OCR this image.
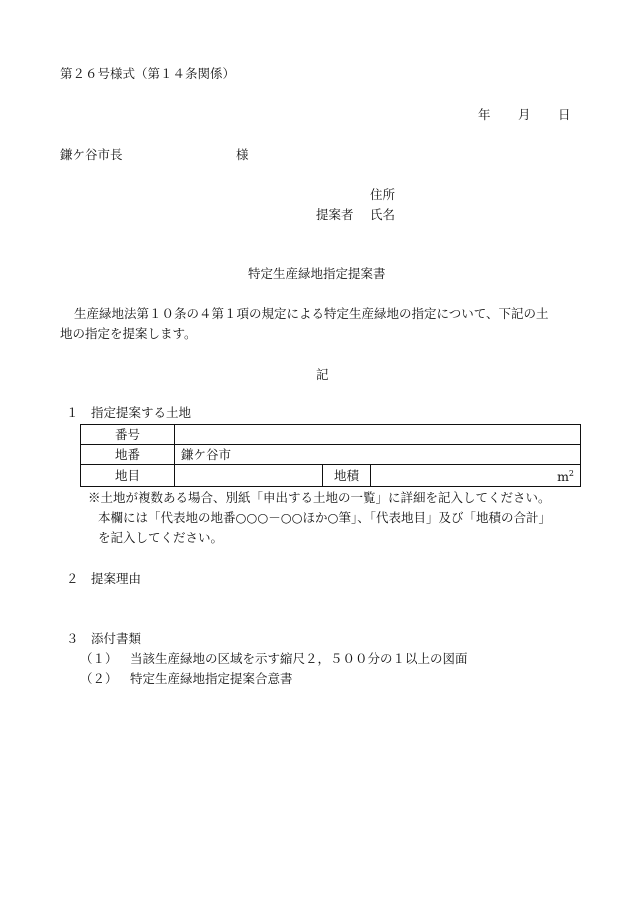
第２６号様式（第１４条関係）
年 月 日
鎌ケ谷市長	様
住所
提案者 氏名
特定生産緑地指定提案書
生産緑地法第１０条の４第１項の規定による特定生産緑地の指定について、下記の土
地の指定を提案します。
記
１　指定提案する土地
番号			
地番	鎌ケ谷市		
地目		地積	$m^2$
※土地が複数ある場合、別紙「申出する土地の一覧」に詳細を記入してください。
本欄には「代表地の地番○○○－○○ほか○筆」、「代表地目」及び「地積の合計」
を記入してください。
２　提案理由
３　添付書類
（１） 当該生産緑地の区域を示す縮尺２，５００分の１以上の図面
（２） 特定生産緑地指定提案合意書
